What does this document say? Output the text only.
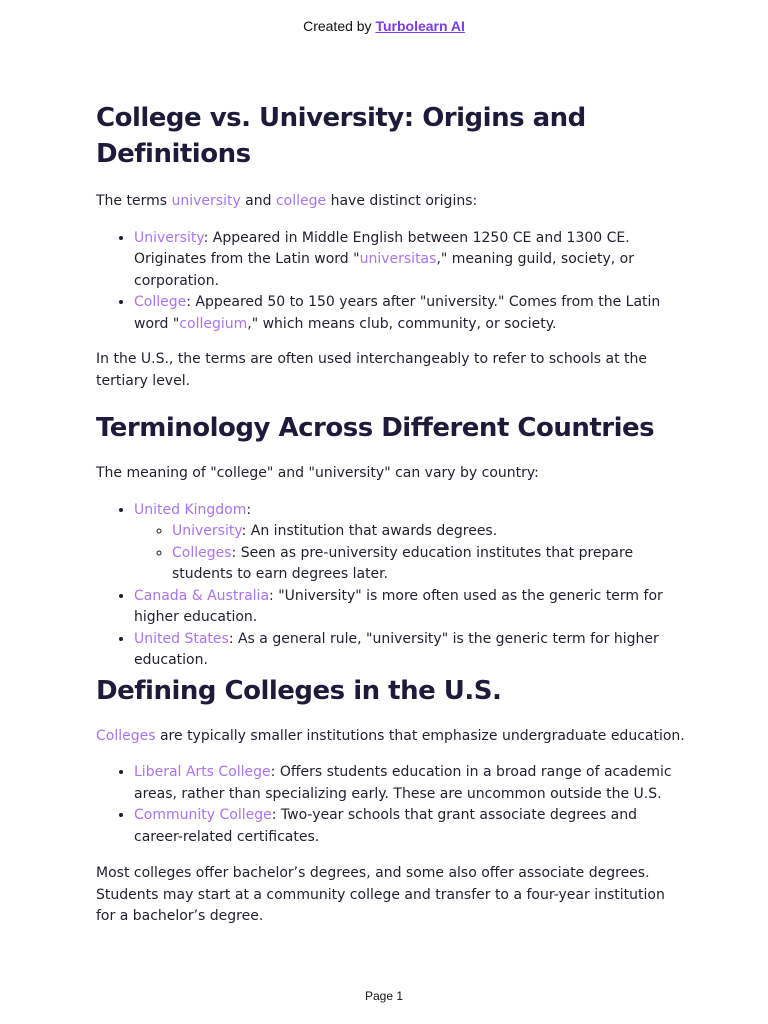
Created by Turbolearn AI
College vs. University: Origins and Definitions

The terms university and college have distinct origins:

• University: Appeared in Middle English between 1250 CE and 1300 CE. Originates from the Latin word "universitas," meaning guild, society, or corporation.
• College: Appeared 50 to 150 years after "university." Comes from the Latin word "collegium," which means club, community, or society.

In the U.S., the terms are often used interchangeably to refer to schools at the tertiary level.

Terminology Across Different Countries

The meaning of "college" and "university" can vary by country:

• United Kingdom:
◦ University: An institution that awards degrees.
◦ Colleges: Seen as pre-university education institutes that prepare students to earn degrees later.
• Canada & Australia: "University" is more often used as the generic term for higher education.
• United States: As a general rule, "university" is the generic term for higher education.
Defining Colleges in the U.S.

Colleges are typically smaller institutions that emphasize undergraduate education.

• Liberal Arts College: Offers students education in a broad range of academic areas, rather than specializing early. These are uncommon outside the U.S.
• Community College: Two-year schools that grant associate degrees and career-related certificates.

Most colleges offer bachelor’s degrees, and some also offer associate degrees. Students may start at a community college and transfer to a four-year institution for a bachelor’s degree.

Page 1
